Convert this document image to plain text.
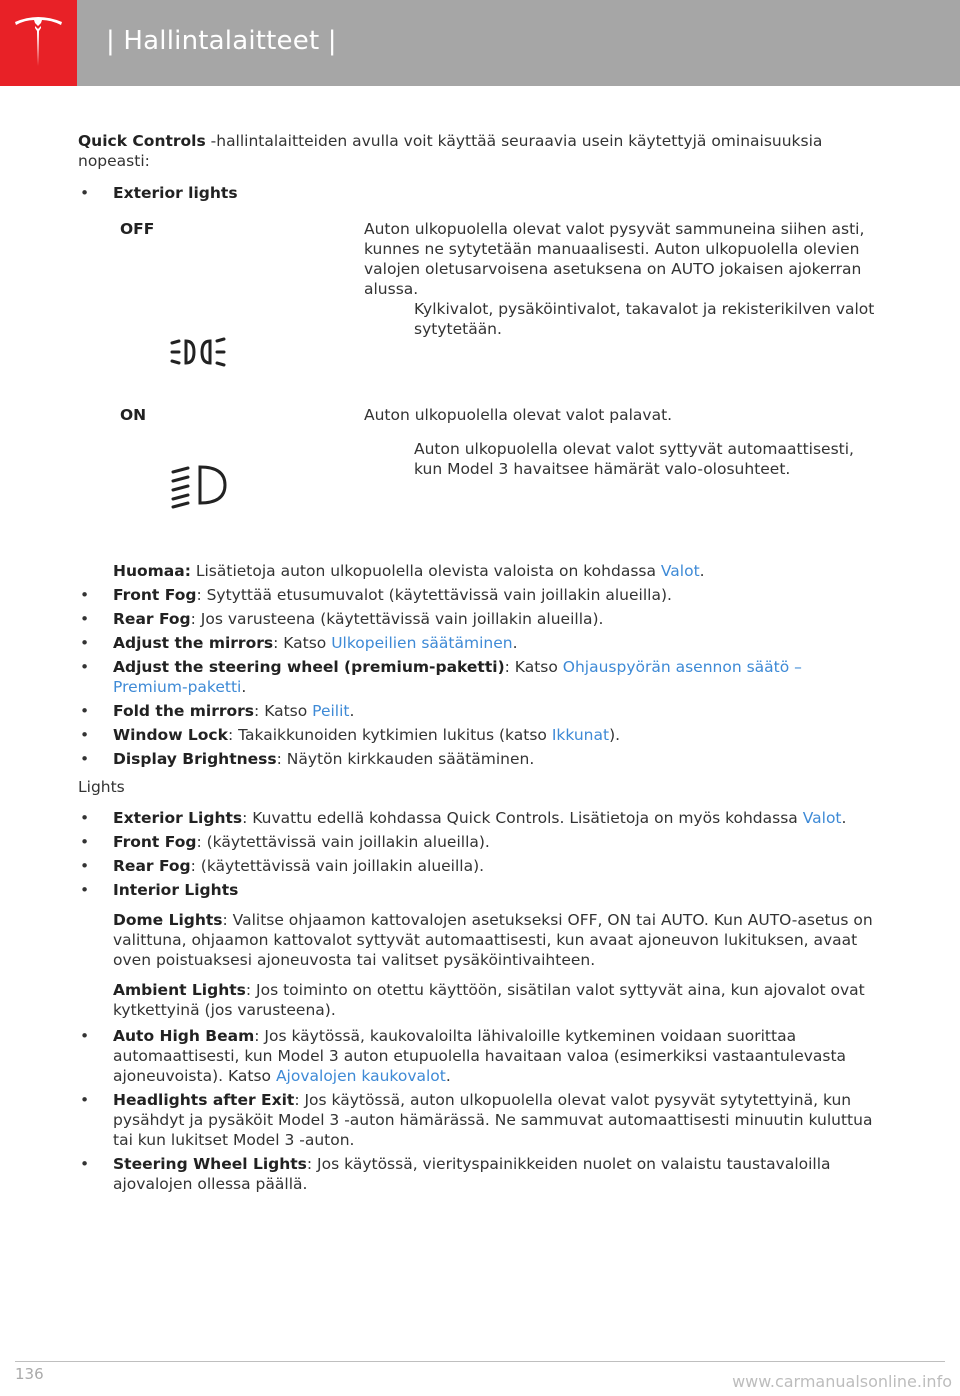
| Hallintalaitteet |

Quick Controls -hallintalaitteiden avulla voit käyttää seuraavia usein käytettyjä ominaisuuksia nopeasti:

• Exterior lights
OFF	Auton ulkopuolella olevat valot pysyvät sammuneina siihen asti, kunnes ne sytytetään manuaalisesti. Auton ulkopuolella olevien valojen oletusarvoisena asetuksena on AUTO jokaisen ajokerran alussa.
Kylkivalot, pysäköintivalot, takavalot ja rekisterikilven valot sytytetään.
ON	Auton ulkopuolella olevat valot palavat.
Auton ulkopuolella olevat valot syttyvät automaattisesti, kun Model 3 havaitsee hämärät valo-olosuhteet.
Huomaa: Lisätietoja auton ulkopuolella olevista valoista on kohdassa Valot.
• Front Fog: Sytyttää etusumuvalot (käytettävissä vain joillakin alueilla).
• Rear Fog: Jos varusteena (käytettävissä vain joillakin alueilla).
• Adjust the mirrors: Katso Ulkopeilien säätäminen.
• Adjust the steering wheel (premium-paketti): Katso Ohjauspyörän asennon säätö – Premium-paketti.
• Fold the mirrors: Katso Peilit.
• Window Lock: Takaikkunoiden kytkimien lukitus (katso Ikkunat).
• Display Brightness: Näytön kirkkauden säätäminen.

Lights

• Exterior Lights: Kuvattu edellä kohdassa Quick Controls. Lisätietoja on myös kohdassa Valot.
• Front Fog: (käytettävissä vain joillakin alueilla).
• Rear Fog: (käytettävissä vain joillakin alueilla).
• Interior Lights

Dome Lights: Valitse ohjaamon kattovalojen asetukseksi OFF, ON tai AUTO. Kun AUTO-asetus on valittuna, ohjaamon kattovalot syttyvät automaattisesti, kun avaat ajoneuvon lukituksen, avaat oven poistuaksesi ajoneuvosta tai valitset pysäköintivaihteen.

Ambient Lights: Jos toiminto on otettu käyttöön, sisätilan valot syttyvät aina, kun ajovalot ovat kytkettyinä (jos varusteena).

• Auto High Beam: Jos käytössä, kaukovaloilta lähivaloille kytkeminen voidaan suorittaa automaattisesti, kun Model 3 auton etupuolella havaitaan valoa (esimerkiksi vastaantulevasta ajoneuvoista). Katso Ajovalojen kaukovalot.
• Headlights after Exit: Jos käytössä, auton ulkopuolella olevat valot pysyvät sytytettyinä, kun pysähdyt ja pysäköit Model 3 -auton hämärässä. Ne sammuvat automaattisesti minuutin kuluttua tai kun lukitset Model 3 -auton.
• Steering Wheel Lights: Jos käytössä, vierityspainikkeiden nuolet on valaistu taustavaloilla ajovalojen ollessa päällä.
136	www.carmanualsonline.info
